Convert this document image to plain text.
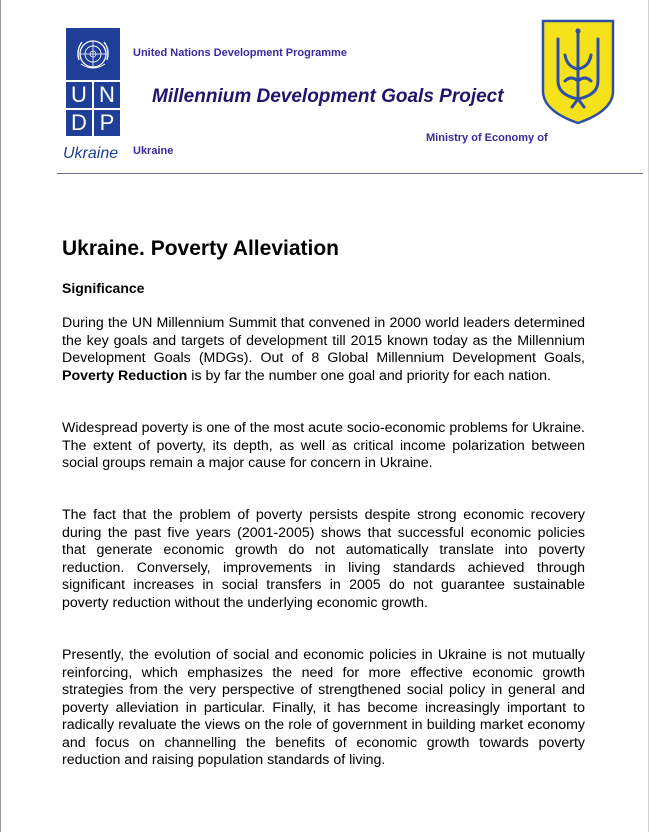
U N
D P
Ukraine
United Nations Development Programme
Millennium Development Goals Project
Ukraine
Ministry of Economy of
Ukraine. Poverty Alleviation
Significance

During the UN Millennium Summit that convened in 2000 world leaders determined the key goals and targets of development till 2015 known today as the Millennium Development Goals (MDGs). Out of 8 Global Millennium Development Goals, Poverty Reduction is by far the number one goal and priority for each nation.

Widespread poverty is one of the most acute socio-economic problems for Ukraine. The extent of poverty, its depth, as well as critical income polarization between social groups remain a major cause for concern in Ukraine.

The fact that the problem of poverty persists despite strong economic recovery during the past five years (2001-2005) shows that successful economic policies that generate economic growth do not automatically translate into poverty reduction. Conversely, improvements in living standards achieved through significant increases in social transfers in 2005 do not guarantee sustainable poverty reduction without the underlying economic growth.

Presently, the evolution of social and economic policies in Ukraine is not mutually reinforcing, which emphasizes the need for more effective economic growth strategies from the very perspective of strengthened social policy in general and poverty alleviation in particular. Finally, it has become increasingly important to radically revaluate the views on the role of government in building market economy and focus on channelling the benefits of economic growth towards poverty reduction and raising population standards of living.
